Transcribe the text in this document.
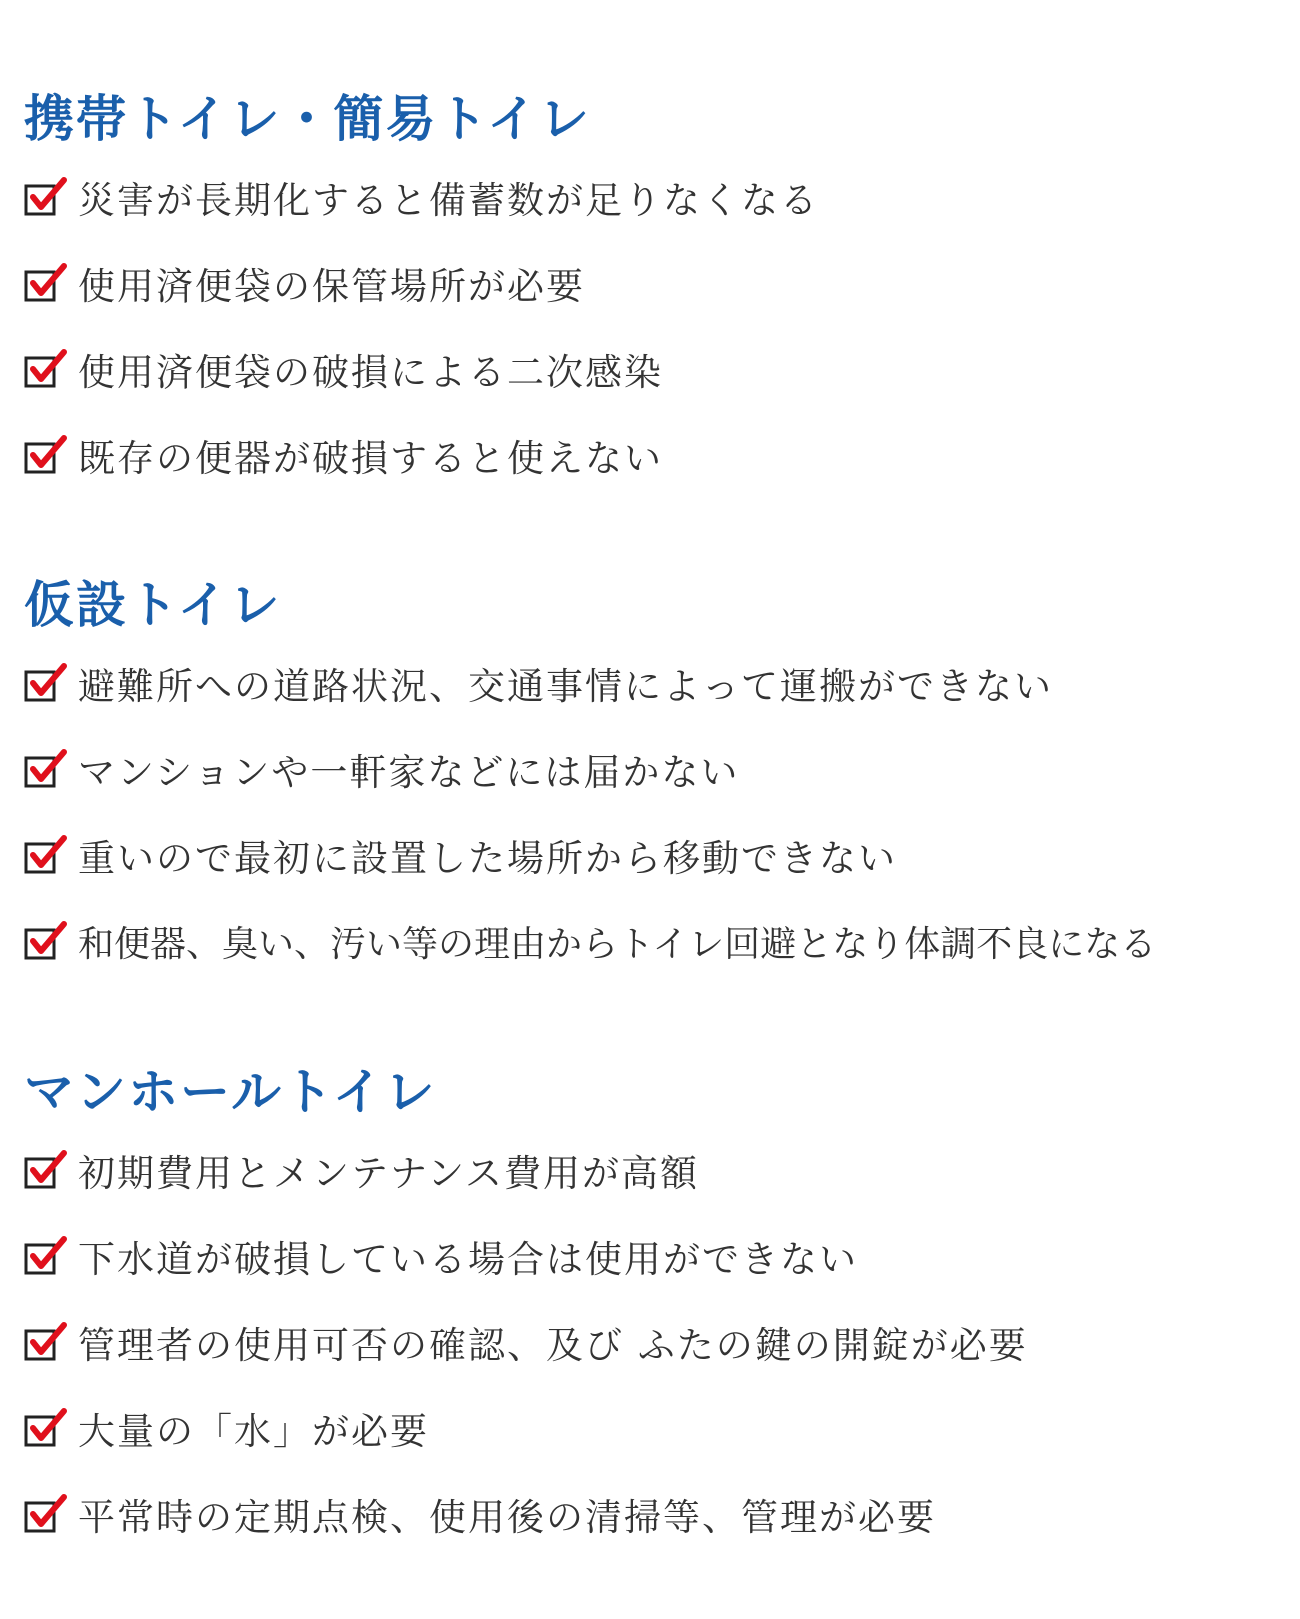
携帯トイレ・簡易トイレ
災害が長期化すると備蓄数が足りなくなる
使用済便袋の保管場所が必要
使用済便袋の破損による二次感染
既存の便器が破損すると使えない
仮設トイレ
避難所への道路状況、交通事情によって運搬ができない
マンションや一軒家などには届かない
重いので最初に設置した場所から移動できない
和便器、臭い、汚い等の理由からトイレ回避となり体調不良になる
マンホールトイレ
初期費用とメンテナンス費用が高額
下水道が破損している場合は使用ができない
管理者の使用可否の確認、及び ふたの鍵の開錠が必要
大量の「水」が必要
平常時の定期点検、使用後の清掃等、管理が必要
